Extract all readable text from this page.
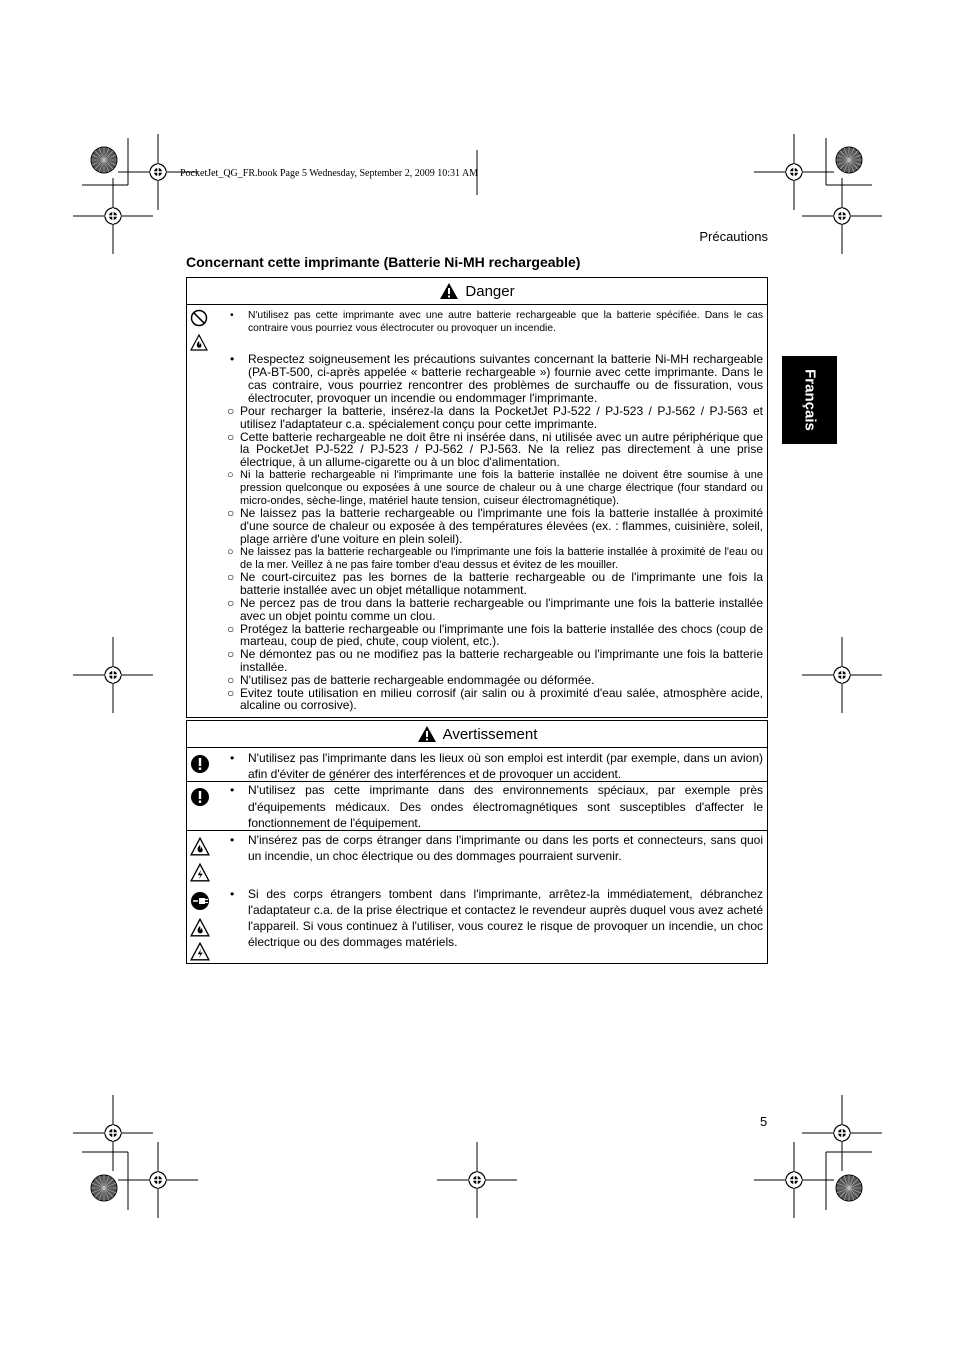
PocketJet_QG_FR.book Page 5 Wednesday, September 2, 2009 10:31 AM
Précautions
Français
Concernant cette imprimante (Batterie Ni-MH rechargeable)
Danger
• N'utilisez pas cette imprimante avec une autre batterie rechargeable que la batterie spécifiée. Dans le cas contraire vous pourriez vous électrocuter ou provoquer un incendie.
• Respectez soigneusement les précautions suivantes concernant la batterie Ni-MH rechargeable (PA-BT-500, ci-après appelée « batterie rechargeable ») fournie avec cette imprimante. Dans le cas contraire, vous pourriez rencontrer des problèmes de surchauffe ou de fissuration, vous électrocuter, provoquer un incendie ou endommager l'imprimante.
○ Pour recharger la batterie, insérez-la dans la PocketJet PJ-522 / PJ-523 / PJ-562 / PJ-563 et utilisez l'adaptateur c.a. spécialement conçu pour cette imprimante.
○ Cette batterie rechargeable ne doit être ni insérée dans, ni utilisée avec un autre périphérique que la PocketJet PJ-522 / PJ-523 / PJ-562 / PJ-563. Ne la reliez pas directement à une prise électrique, à un allume-cigarette ou à un bloc d'alimentation.
○ Ni la batterie rechargeable ni l'imprimante une fois la batterie installée ne doivent être soumise à une pression quelconque ou exposées à une source de chaleur ou à une charge électrique (four standard ou micro-ondes, sèche-linge, matériel haute tension, cuiseur électromagnétique).
○ Ne laissez pas la batterie rechargeable ou l'imprimante une fois la batterie installée à proximité d'une source de chaleur ou exposée à des températures élevées (ex. : flammes, cuisinière, soleil, plage arrière d'une voiture en plein soleil).
○ Ne laissez pas la batterie rechargeable ou l'imprimante une fois la batterie installée à proximité de l'eau ou de la mer. Veillez à ne pas faire tomber d'eau dessus et évitez de les mouiller.
○ Ne court-circuitez pas les bornes de la batterie rechargeable ou de l'imprimante une fois la batterie installée avec un objet métallique notamment.
○ Ne percez pas de trou dans la batterie rechargeable ou l'imprimante une fois la batterie installée avec un objet pointu comme un clou.
○ Protégez la batterie rechargeable ou l'imprimante une fois la batterie installée des chocs (coup de marteau, coup de pied, chute, coup violent, etc.).
○ Ne démontez pas ou ne modifiez pas la batterie rechargeable ou l'imprimante une fois la batterie installée.
○ N'utilisez pas de batterie rechargeable endommagée ou déformée.
○ Evitez toute utilisation en milieu corrosif (air salin ou à proximité d'eau salée, atmosphère acide, alcaline ou corrosive).
Avertissement
• N'utilisez pas l'imprimante dans les lieux où son emploi est interdit (par exemple, dans un avion) afin d'éviter de générer des interférences et de provoquer un accident.
• N'utilisez pas cette imprimante dans des environnements spéciaux, par exemple près d'équipements médicaux. Des ondes électromagnétiques sont susceptibles d'affecter le fonctionnement de l'équipement.
• N'insérez pas de corps étranger dans l'imprimante ou dans les ports et connecteurs, sans quoi un incendie, un choc électrique ou des dommages pourraient survenir.
• Si des corps étrangers tombent dans l'imprimante, arrêtez-la immédiatement, débranchez l'adaptateur c.a. de la prise électrique et contactez le revendeur auprès duquel vous avez acheté l'appareil. Si vous continuez à l'utiliser, vous courez le risque de provoquer un incendie, un choc électrique ou des dommages matériels.
5
